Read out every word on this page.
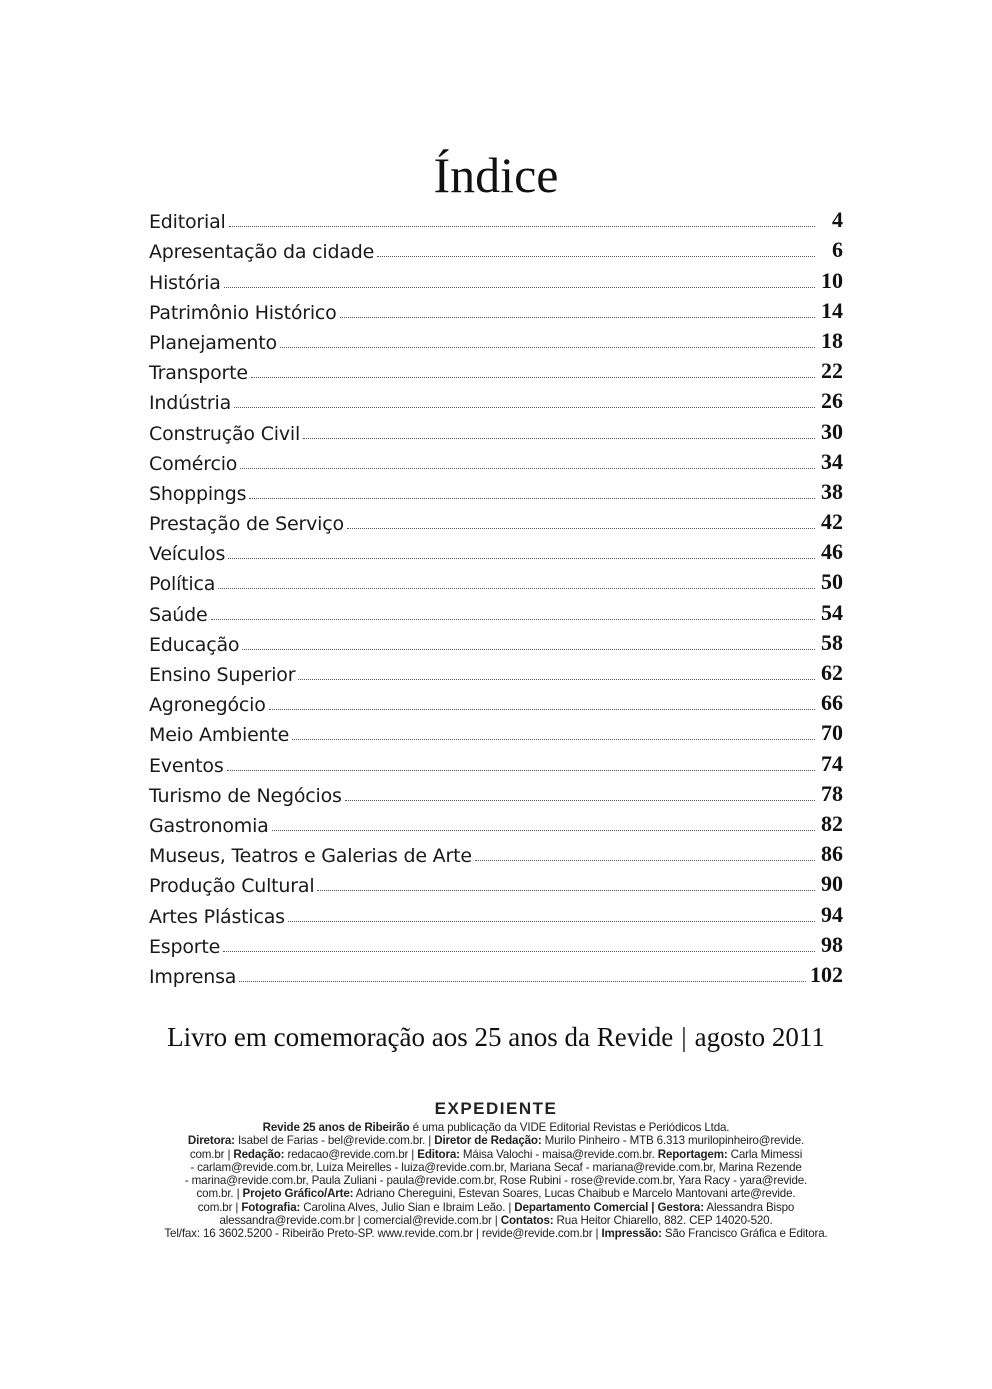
Índice
Editorial	4
Apresentação da cidade	6
História	10
Patrimônio Histórico	14
Planejamento	18
Transporte	22
Indústria	26
Construção Civil	30
Comércio	34
Shoppings	38
Prestação de Serviço	42
Veículos	46
Política	50
Saúde	54
Educação	58
Ensino Superior	62
Agronegócio	66
Meio Ambiente	70
Eventos	74
Turismo de Negócios	78
Gastronomia	82
Museus, Teatros e Galerias de Arte	86
Produção Cultural	90
Artes Plásticas	94
Esporte	98
Imprensa	102
Livro em comemoração aos 25 anos da Revide | agosto 2011
EXPEDIENTE
Revide 25 anos de Ribeirão é uma publicação da VIDE Editorial Revistas e Periódicos Ltda.
Diretora: Isabel de Farias - bel@revide.com.br. | Diretor de Redação: Murilo Pinheiro - MTB 6.313 murilopinheiro@revide.
com.br | Redação: redacao@revide.com.br | Editora: Máisa Valochi - maisa@revide.com.br. Reportagem: Carla Mimessi
- carlam@revide.com.br, Luiza Meirelles - luiza@revide.com.br, Mariana Secaf - mariana@revide.com.br, Marina Rezende
- marina@revide.com.br, Paula Zuliani - paula@revide.com.br, Rose Rubini - rose@revide.com.br, Yara Racy - yara@revide.
com.br. | Projeto Gráfico/Arte: Adriano Chereguini, Estevan Soares, Lucas Chaibub e Marcelo Mantovani arte@revide.
com.br | Fotografia: Carolina Alves, Julio Sian e Ibraim Leão. | Departamento Comercial | Gestora: Alessandra Bispo
alessandra@revide.com.br | comercial@revide.com.br | Contatos: Rua Heitor Chiarello, 882. CEP 14020-520.
Tel/fax: 16 3602.5200 - Ribeirão Preto-SP. www.revide.com.br | revide@revide.com.br | Impressão: São Francisco Gráfica e Editora.
